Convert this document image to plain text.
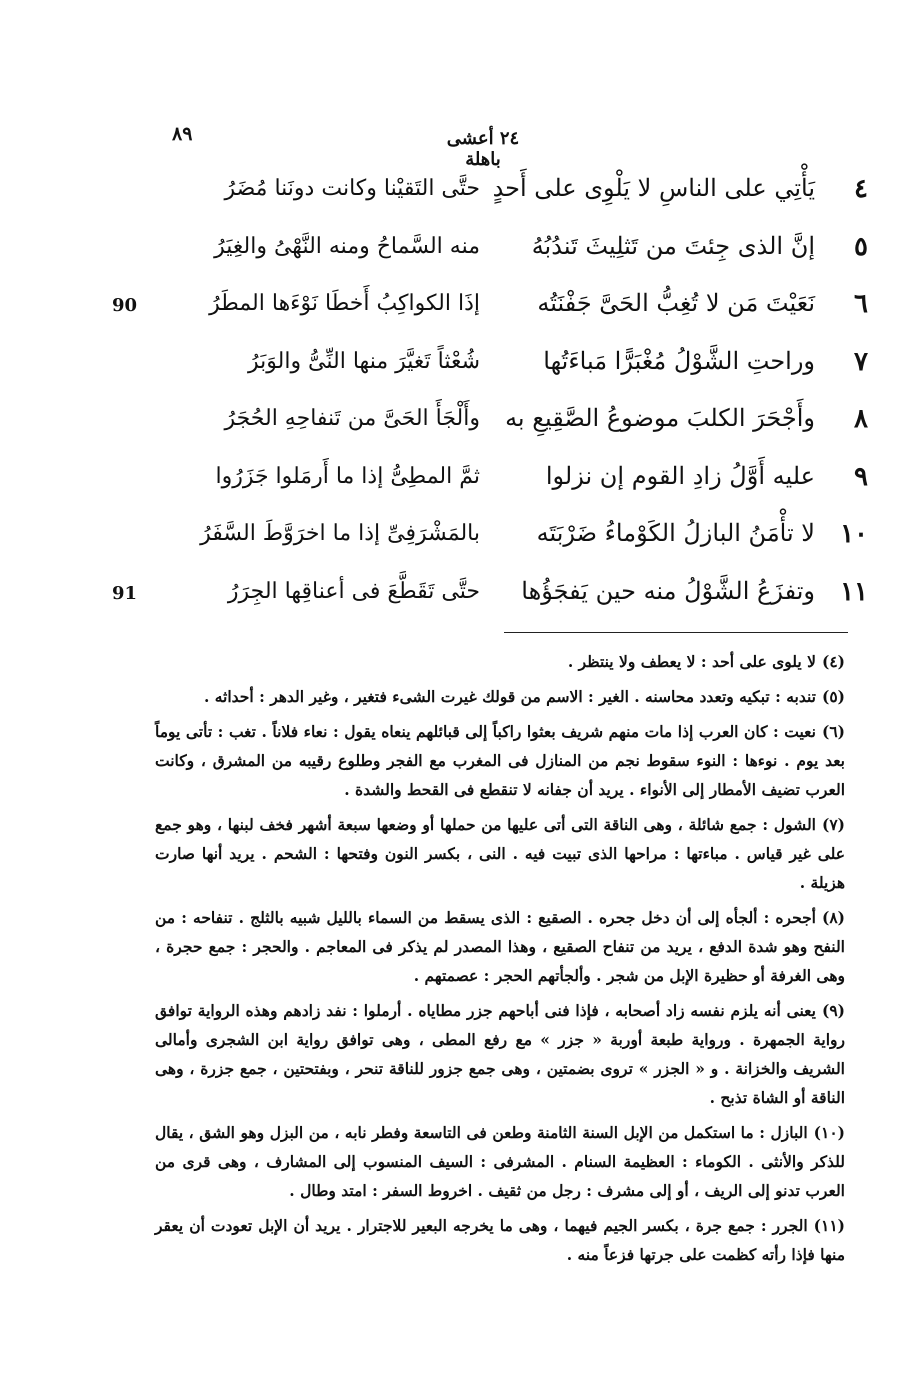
٨٩	٢٤ أعشى باهلة
٤
يَأْتِي على الناسِ لا يَلْوِى على أَحدٍ
حتَّى التَقيْنا وكانت دونَنا مُضَرُ
٥
إنَّ الذى جِئتَ من تَثلِيثَ تَندُبُهُ
منه السَّماحُ ومنه النَّهْىُ والغِيَرُ
٦
نَعَيْتَ مَن لا تُغِبُّ الحَىَّ جَفْنَتُه
إذَا الكواكِبُ أَخطَا نَوْءَها المطَرُ
90
٧
وراحتِ الشَّوْلُ مُغْبَرًّا مَباءَتُها
شُعْثاً تَغيَّرَ منها النِّىُّ والوَبَرُ
٨
وأَجْحَرَ الكلبَ موضوعُ الصَّقِيعِ به
وأَلْجَأَ الحَىَّ من تَنفاحِهِ الحُجَرُ
٩
عليه أَوَّلُ زادِ القوم إن نزلوا
ثمَّ المطِىُّ إذا ما أَرمَلوا جَزَرُوا
١٠
لا تأْمَنُ البازلُ الكَوْماءُ ضَرْبَتَه
بالمَشْرَفِىِّ إذا ما اخرَوَّطَ السَّفَرُ
١١
وتفزَعُ الشَّوْلُ منه حين يَفجَؤُها
حتَّى تَقَطَّعَ فى أعناقِها الجِرَرُ
91

(٤)لا يلوى على أحد : لا يعطف ولا ينتظر .

(٥)تندبه : تبكيه وتعدد محاسنه . الغير : الاسم من قولك غيرت الشىء فتغير ، وغير الدهر : أحداثه .

(٦)نعيت : كان العرب إذا مات منهم شريف بعثوا راكباً إلى قبائلهم ينعاه يقول : نعاء فلاناً . تغب : تأتى يوماً بعد يوم . نوءها : النوء سقوط نجم من المنازل فى المغرب مع الفجر وطلوع رقيبه من المشرق ، وكانت العرب تضيف الأمطار إلى الأنواء . يريد أن جفانه لا تنقطع فى القحط والشدة .

(٧)الشول : جمع شائلة ، وهى الناقة التى أتى عليها من حملها أو وضعها سبعة أشهر فخف لبنها ، وهو جمع على غير قياس . مباءتها : مراحها الذى تبيت فيه . النى ، بكسر النون وفتحها : الشحم . يريد أنها صارت هزيلة .

(٨)أجحره : ألجأه إلى أن دخل جحره . الصقيع : الذى يسقط من السماء بالليل شبيه بالثلج . تنفاحه : من النفح وهو شدة الدفع ، يريد من تنفاح الصقيع ، وهذا المصدر لم يذكر فى المعاجم . والحجر : جمع حجرة ، وهى الغرفة أو حظيرة الإبل من شجر . وألجأتهم الحجر : عصمتهم .

(٩)يعنى أنه يلزم نفسه زاد أصحابه ، فإذا فنى أباحهم جزر مطاياه . أرملوا : نفد زادهم وهذه الرواية توافق رواية الجمهرة . ورواية طبعة أوربة « جزر » مع رفع المطى ، وهى توافق رواية ابن الشجرى وأمالى الشريف والخزانة . و « الجزر » تروى بضمتين ، وهى جمع جزور للناقة تنحر ، وبفتحتين ، جمع جزرة ، وهى الناقة أو الشاة تذبح .

(١٠)البازل : ما استكمل من الإبل السنة الثامنة وطعن فى التاسعة وفطر نابه ، من البزل وهو الشق ، يقال للذكر والأنثى . الكوماء : العظيمة السنام . المشرفى : السيف المنسوب إلى المشارف ، وهى قرى من العرب تدنو إلى الريف ، أو إلى مشرف : رجل من ثقيف . اخروط السفر : امتد وطال .

(١١)الجرر : جمع جرة ، بكسر الجيم فيهما ، وهى ما يخرجه البعير للاجترار . يريد أن الإبل تعودت أن يعقر منها فإذا رأته كظمت على جرتها فزعاً منه .
